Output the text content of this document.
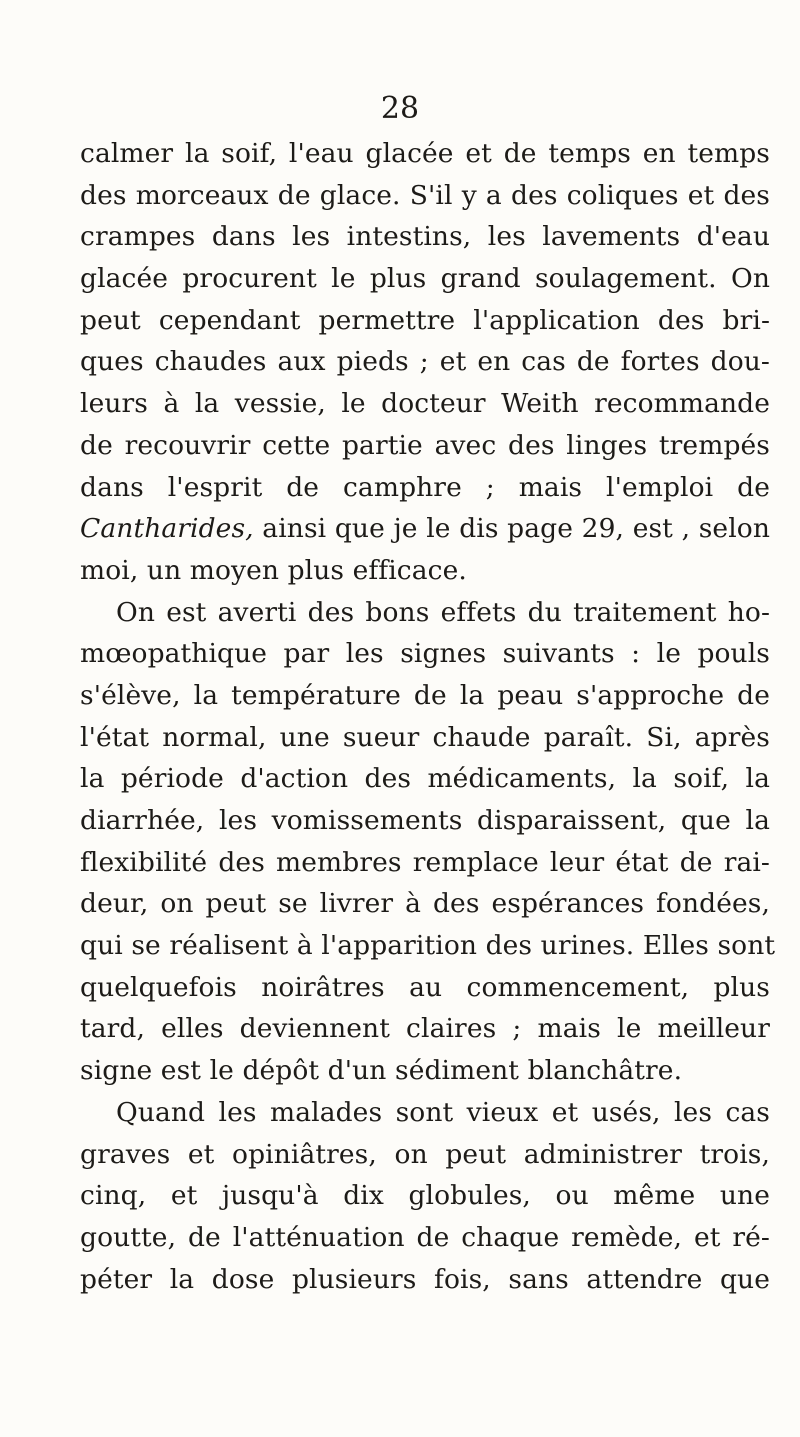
28
calmer la soif, l'eau glacée et de temps en temps
des morceaux de glace. S'il y a des coliques et des
crampes dans les intestins, les lavements d'eau
glacée procurent le plus grand soulagement. On
peut cependant permettre l'application des bri-
ques chaudes aux pieds ; et en cas de fortes dou-
leurs à la vessie, le docteur Weith recommande
de recouvrir cette partie avec des linges trempés
dans l'esprit de camphre ; mais l'emploi de
Cantharides, ainsi que je le dis page 29, est , selon
moi, un moyen plus efficace.
On est averti des bons effets du traitement ho-
mœopathique par les signes suivants : le pouls
s'élève, la température de la peau s'approche de
l'état normal, une sueur chaude paraît. Si, après
la période d'action des médicaments, la soif, la
diarrhée, les vomissements disparaissent, que la
flexibilité des membres remplace leur état de rai-
deur, on peut se livrer à des espérances fondées,
qui se réalisent à l'apparition des urines. Elles sont
quelquefois noirâtres au commencement, plus
tard, elles deviennent claires ; mais le meilleur
signe est le dépôt d'un sédiment blanchâtre.
Quand les malades sont vieux et usés, les cas
graves et opiniâtres, on peut administrer trois,
cinq, et jusqu'à dix globules, ou même une
goutte, de l'atténuation de chaque remède, et ré-
péter la dose plusieurs fois, sans attendre que
